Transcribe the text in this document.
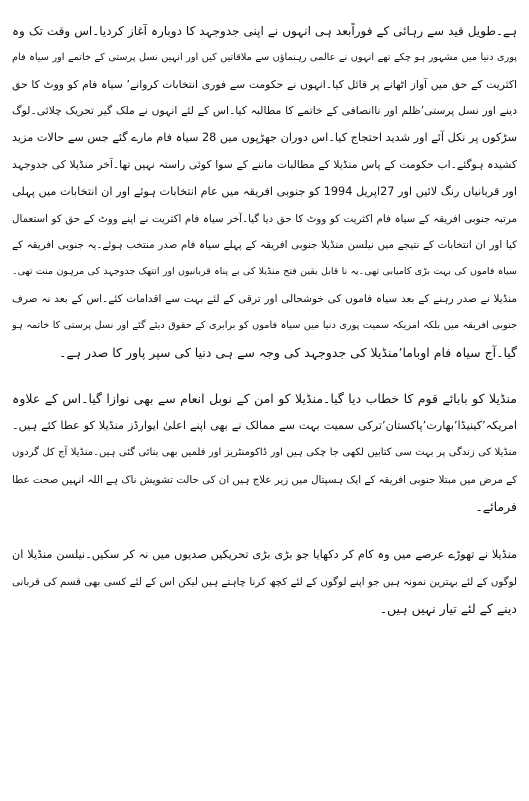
ہے۔طویل قید سے رہائی کے فوراًبعد ہی انہوں نے اپنی جدوجہد کا دوبارہ آغاز کردیا۔اس وقت تک وہ
پوری دنیا میں مشہور ہو چکے تھے انہوں نے عالمی رہنماؤں سے ملاقاتیں کیں اور انہیں نسل پرستی کے خاتمے اور سیاہ فام
اکثریت کے حق میں آواز اٹھانے پر قائل کیا۔انہوں نے حکومت سے فوری انتخابات کروانے٬ سیاہ فام کو ووٹ کا حق
دینے اور نسل پرستی٬ظلم اور ناانصافی کے خاتمے کا مطالبہ کیا۔اس کے لئے انہوں نے ملک گیر تحریک چلائی۔لوگ
سڑکوں پر نکل آئے اور شدید احتجاج کیا۔اس دوران جھڑپوں میں 28 سیاہ فام مارے گئے جس سے حالات مزید
کشیدہ ہوگئے۔اب حکومت کے پاس منڈیلا کے مطالبات ماننے کے سوا کوئی راستہ نہیں تھا۔آخر منڈیلا کی جدوجہد
اور قربانیاں رنگ لائیں اور 27اپریل 1994 کو جنوبی افریقہ میں عام انتخابات ہوئے اور ان انتخابات میں پہلی
مرتبہ جنوبی افریقہ کے سیاہ فام اکثریت کو ووٹ کا حق دیا گیا۔آخر سیاہ فام اکثریت نے اپنے ووٹ کے حق کو استعمال
کیا اور ان انتخابات کے نتیجے میں نیلسن منڈیلا جنوبی افریقہ کے پہلے سیاہ فام صدر منتخب ہوئے۔یہ جنوبی افریقہ کے
سیاہ فاموں کی بہت بڑی کامیابی تھی۔یہ نا قابل یقین فتح منڈیلا کی بے پناہ قربانیوں اور انتھک جدوجہد کی مرہون منت تھی۔
منڈیلا نے صدر رہنے کے بعد سیاہ فاموں کی خوشحالی اور ترقی کے لئے بہت سے اقدامات کئے۔اس کے بعد نہ صرف
جنوبی افریقہ میں بلکہ امریکہ سمیت پوری دنیا میں سیاہ فاموں کو برابری کے حقوق دیئے گئے اور نسل پرستی کا خاتمہ ہو
گیا۔آج سیاہ فام اوباما٬منڈیلا کی جدوجہد کی وجہ سے ہی دنیا کی سپر پاور کا صدر ہے۔
منڈیلا کو بابائے قوم کا خطاب دیا گیا۔منڈیلا کو امن کے نوبل انعام سے بھی نوازا گیا۔اس کے علاوہ
امریکہ٬کینیڈا٬بھارت٬پاکستان٬ترکی سمیت بہت سے ممالک نے بھی اپنے اعلیٰ ایوارڈز منڈیلا کو عطا کئے ہیں۔
منڈیلا کی زندگی پر بہت سی کتابیں لکھی جا چکی ہیں اور ڈاکومنٹریز اور فلمیں بھی بنائی گئی ہیں۔منڈیلا آج کل گردوں
کے مرض میں مبتلا جنوبی افریقہ کے ایک ہسپتال میں زیر علاج ہیں ان کی حالت تشویش ناک ہے اللہ انہیں صحت عطا
فرمائے۔
منڈیلا نے تھوڑے عرصے میں وہ کام کر دکھایا جو بڑی بڑی تحریکیں صدیوں میں نہ کر سکیں۔نیلسن منڈیلا ان
لوگوں کے لئے بہترین نمونہ ہیں جو اپنے لوگوں کے لئے کچھ کرنا چاہتے ہیں لیکن اس کے لئے کسی بھی قسم کی قربانی
دینے کے لئے تیار نہیں ہیں۔
